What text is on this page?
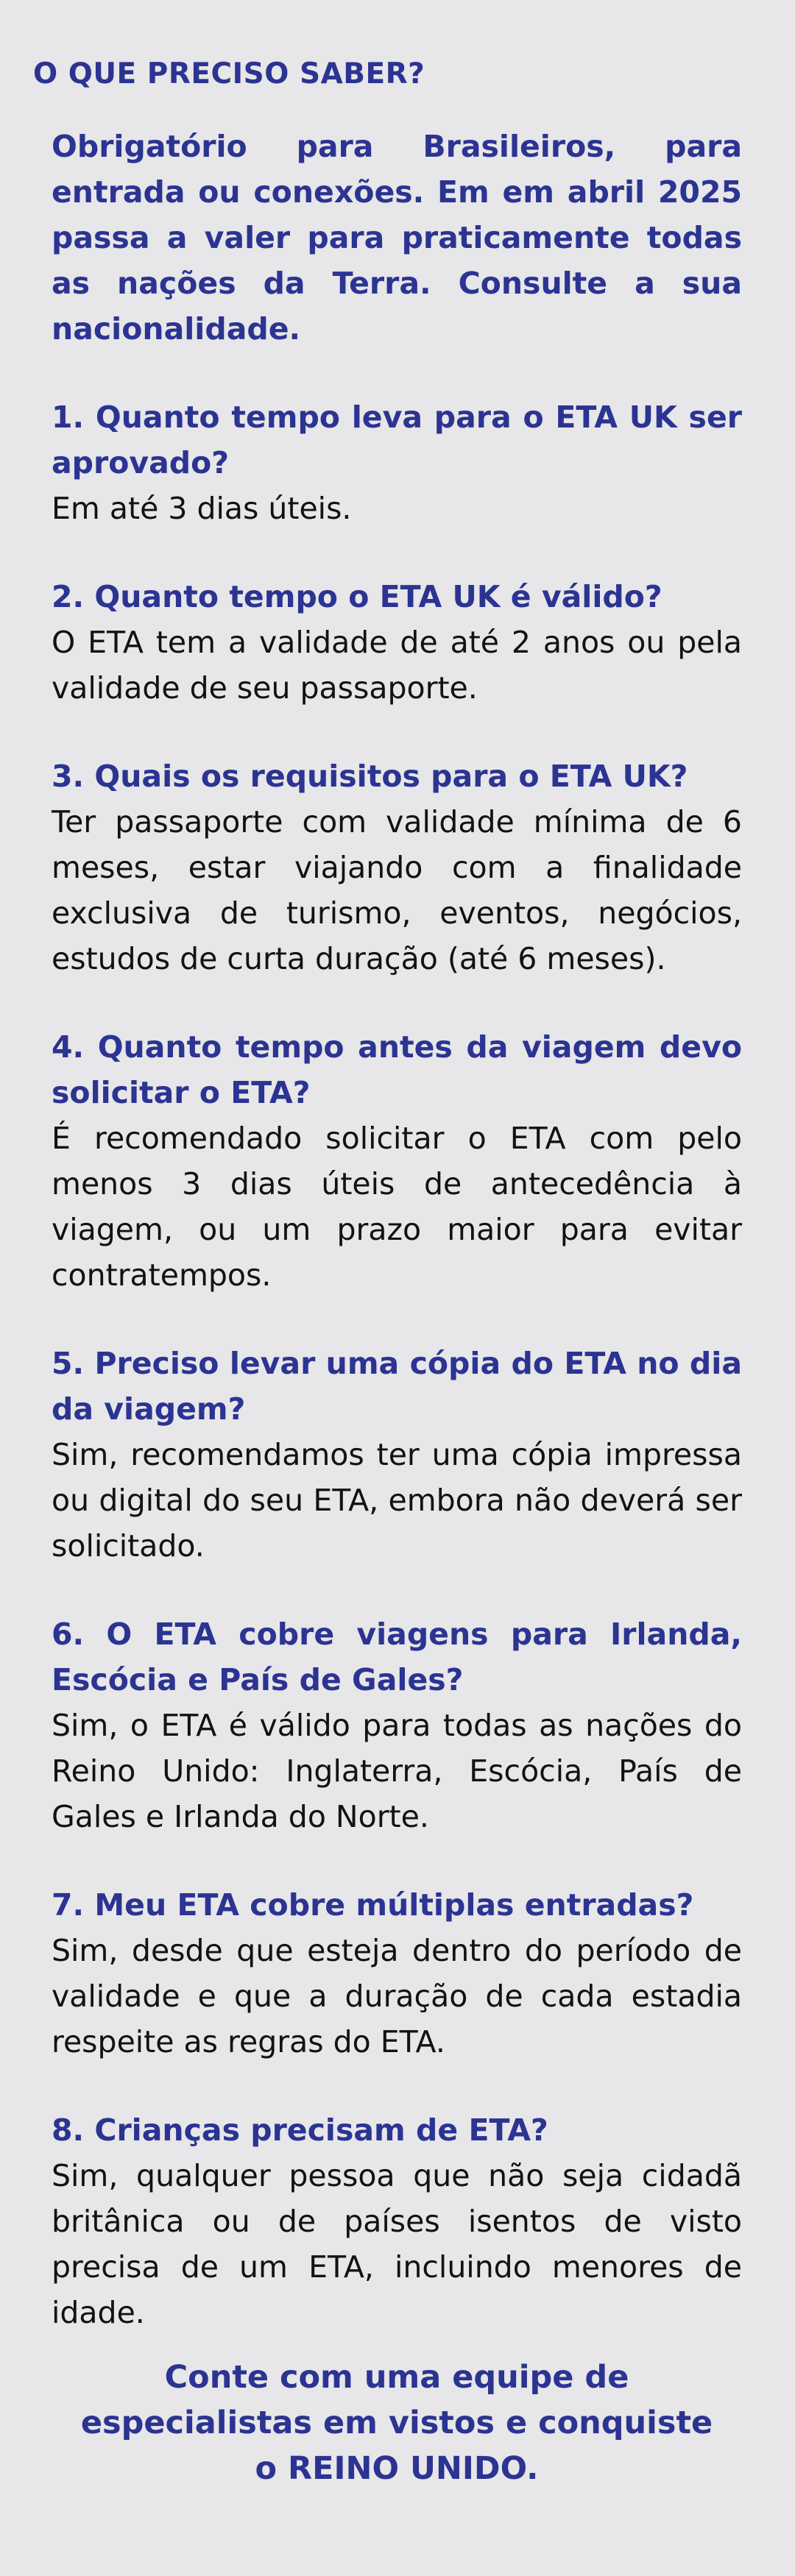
O QUE PRECISO SABER?

Obrigatório para Brasileiros, para entrada ou conexões. Em em abril 2025 passa a valer para praticamente todas as nações da Terra. Consulte a sua nacionalidade.

1. Quanto tempo leva para o ETA UK ser aprovado?

Em até 3 dias úteis.

2. Quanto tempo o ETA UK é válido?

O ETA tem a validade de até 2 anos ou pela validade de seu passaporte.

3. Quais os requisitos para o ETA UK?

Ter passaporte com validade mínima de 6 meses, estar viajando com a finalidade exclusiva de turismo, eventos, negócios, estudos de curta duração (até 6 meses).

4. Quanto tempo antes da viagem devo solicitar o ETA?

É recomendado solicitar o ETA com pelo menos 3 dias úteis de antecedência à viagem, ou um prazo maior para evitar contratempos.

5. Preciso levar uma cópia do ETA no dia da viagem?

Sim, recomendamos ter uma cópia impressa ou digital do seu ETA, embora não deverá ser solicitado.

6. O ETA cobre viagens para Irlanda, Escócia e País de Gales?

Sim, o ETA é válido para todas as nações do Reino Unido: Inglaterra, Escócia, País de Gales e Irlanda do Norte.

7. Meu ETA cobre múltiplas entradas?

Sim, desde que esteja dentro do período de validade e que a duração de cada estadia respeite as regras do ETA.

8. Crianças precisam de ETA?

Sim, qualquer pessoa que não seja cidadã britânica ou de países isentos de visto precisa de um ETA, incluindo menores de idade.

Conte com uma equipe de
especialistas em vistos e conquiste
o REINO UNIDO.
